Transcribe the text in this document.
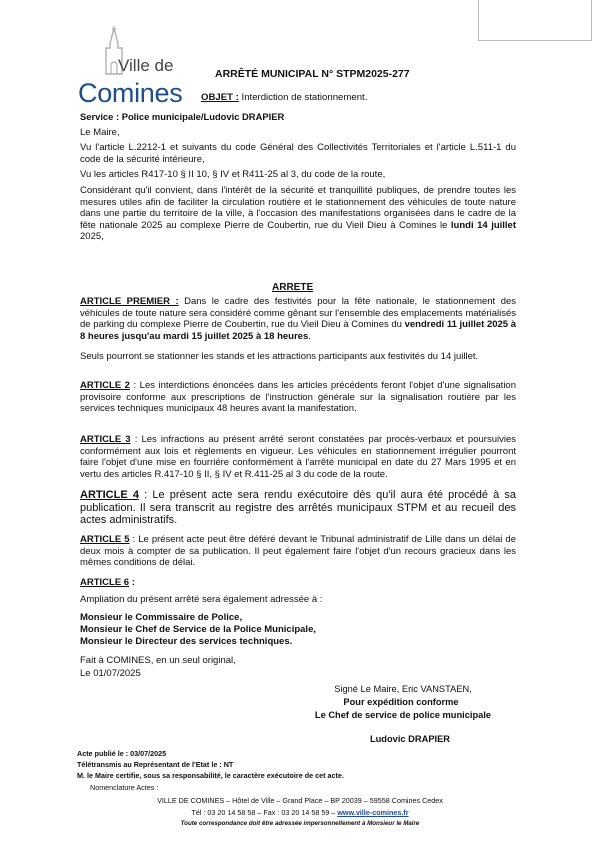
Ville de
Comines
ARRÊTÉ MUNICIPAL N° STPM2025-277
OBJET : Interdiction de stationnement.
Service : Police municipale/Ludovic DRAPIER
Le Maire,
Vu l'article L.2212-1 et suivants du code Général des Collectivités Territoriales et l'article L.511-1 du code de la sécurité intérieure,
Vu les articles R417-10 § II 10, § IV et R411-25 al 3, du code de la route,
Considérant qu'il convient, dans l'intérêt de la sécurité et tranquillité publiques, de prendre toutes les mesures utiles afin de faciliter la circulation routière et le stationnement des véhicules de toute nature dans une partie du territoire de la ville, à l'occasion des manifestations organisées dans le cadre de la fête nationale 2025 au complexe Pierre de Coubertin, rue du Vieil Dieu à Comines le lundi 14 juillet 2025,
ARRETE
ARTICLE PREMIER : Dans le cadre des festivités pour la fête nationale, le stationnement des véhicules de toute nature sera considéré comme gênant sur l'ensemble des emplacements matérialisés de parking du complexe Pierre de Coubertin, rue du Vieil Dieu à Comines du vendredi 11 juillet 2025 à 8 heures jusqu'au mardi 15 juillet 2025 à 18 heures.
Seuls pourront se stationner les stands et les attractions participants aux festivités du 14 juillet.
ARTICLE 2 : Les interdictions énoncées dans les articles précédents feront l'objet d'une signalisation provisoire conforme aux prescriptions de l'instruction générale sur la signalisation routière par les services techniques municipaux 48 heures avant la manifestation.
ARTICLE 3 : Les infractions au présent arrêté seront constatées par procès-verbaux et poursuivies conformément aux lois et règlements en vigueur. Les véhicules en stationnement irrégulier pourront faire l'objet d'une mise en fourrière conformément à l'arrêté municipal en date du 27 Mars 1995 et en vertu des articles R.417-10 § II, § IV et R.411-25 al 3 du code de la route.
ARTICLE 4 : Le présent acte sera rendu exécutoire dès qu'il aura été procédé à sa publication. Il sera transcrit au registre des arrêtés municipaux STPM et au recueil des actes administratifs.
ARTICLE 5 : Le présent acte peut être déféré devant le Tribunal administratif de Lille dans un délai de deux mois à compter de sa publication. Il peut également faire l'objet d'un recours gracieux dans les mêmes conditions de délai.
ARTICLE 6 :
Ampliation du présent arrêté sera également adressée à :
Monsieur le Commissaire de Police,
Monsieur le Chef de Service de la Police Municipale,
Monsieur le Directeur des services techniques.
Fait à COMINES, en un seul original,
Le 01/07/2025
Signé Le Maire, Eric VANSTAEN,
Pour expédition conforme
Le Chef de service de police municipale
Ludovic DRAPIER
Acte publié le : 03/07/2025
Télétransmis au Représentant de l'Etat le : NT
M. le Maire certifie, sous sa responsabilité, le caractère exécutoire de cet acte.
Nomenclature Actes :
VILLE DE COMINES – Hôtel de Ville – Grand Place – BP 20039 – 59558 Comines Cedex
Tél : 03 20 14 58 58 – Fax : 03 20 14 58 59 – www.ville-comines.fr
Toute correspondance doit être adressée impersonnellement à Monsieur le Maire
